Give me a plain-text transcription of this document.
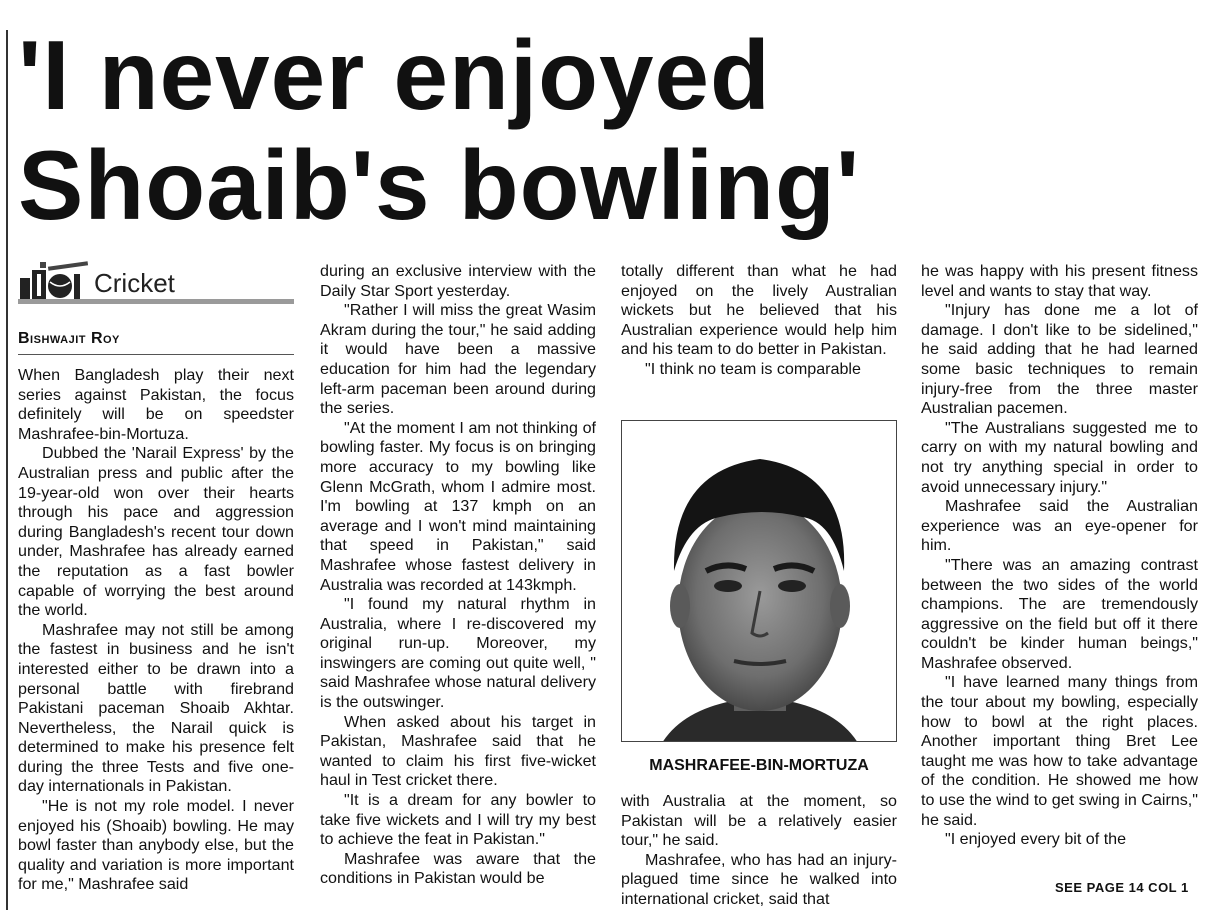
'I never enjoyed
Shoaib's bowling'
Cricket
Bishwajit Roy

When Bangladesh play their next series against Pakistan, the focus definitely will be on speedster Mashrafee-bin-Mortuza.

Dubbed the 'Narail Express' by the Australian press and public after the 19-year-old won over their hearts through his pace and aggression during Bangladesh's recent tour down under, Mashrafee has already earned the reputation as a fast bowler capable of worrying the best around the world.

Mashrafee may not still be among the fastest in business and he isn't interested either to be drawn into a personal battle with firebrand Pakistani paceman Shoaib Akhtar. Nevertheless, the Narail quick is determined to make his presence felt during the three Tests and five one-day internationals in Pakistan.

"He is not my role model. I never enjoyed his (Shoaib) bowling. He may bowl faster than anybody else, but the quality and variation is more important for me," Mashrafee said

during an exclusive interview with the Daily Star Sport yesterday.

"Rather I will miss the great Wasim Akram during the tour," he said adding it would have been a massive education for him had the legendary left-arm paceman been around during the series.

"At the moment I am not thinking of bowling faster. My focus is on bringing more accuracy to my bowling like Glenn McGrath, whom I admire most. I'm bowling at 137 kmph on an average and I won't mind maintaining that speed in Pakistan," said Mashrafee whose fastest delivery in Australia was recorded at 143kmph.

"I found my natural rhythm in Australia, where I re-discovered my original run-up. Moreover, my inswingers are coming out quite well, " said Mashrafee whose natural delivery is the outswinger.

When asked about his target in Pakistan, Mashrafee said that he wanted to claim his first five-wicket haul in Test cricket there.

"It is a dream for any bowler to take five wickets and I will try my best to achieve the feat in Pakistan."

Mashrafee was aware that the conditions in Pakistan would be

totally different than what he had enjoyed on the lively Australian wickets but he believed that his Australian experience would help him and his team to do better in Pakistan.

"I think no team is comparable

MASHRAFEE-BIN-MORTUZA

with Australia at the moment, so Pakistan will be a relatively easier tour," he said.

Mashrafee, who has had an injury-plagued time since he walked into international cricket, said that

he was happy with his present fitness level and wants to stay that way.

"Injury has done me a lot of damage. I don't like to be sidelined," he said adding that he had learned some basic techniques to remain injury-free from the three master Australian pacemen.

"The Australians suggested me to carry on with my natural bowling and not try anything special in order to avoid unnecessary injury."

Mashrafee said the Australian experience was an eye-opener for him.

"There was an amazing contrast between the two sides of the world champions. The are tremendously aggressive on the field but off it there couldn't be kinder human beings," Mashrafee observed.

"I have learned many things from the tour about my bowling, especially how to bowl at the right places. Another important thing Bret Lee taught me was how to take advantage of the condition. He showed me how to use the wind to get swing in Cairns," he said.

"I enjoyed every bit of the

SEE PAGE 14 COL 1
